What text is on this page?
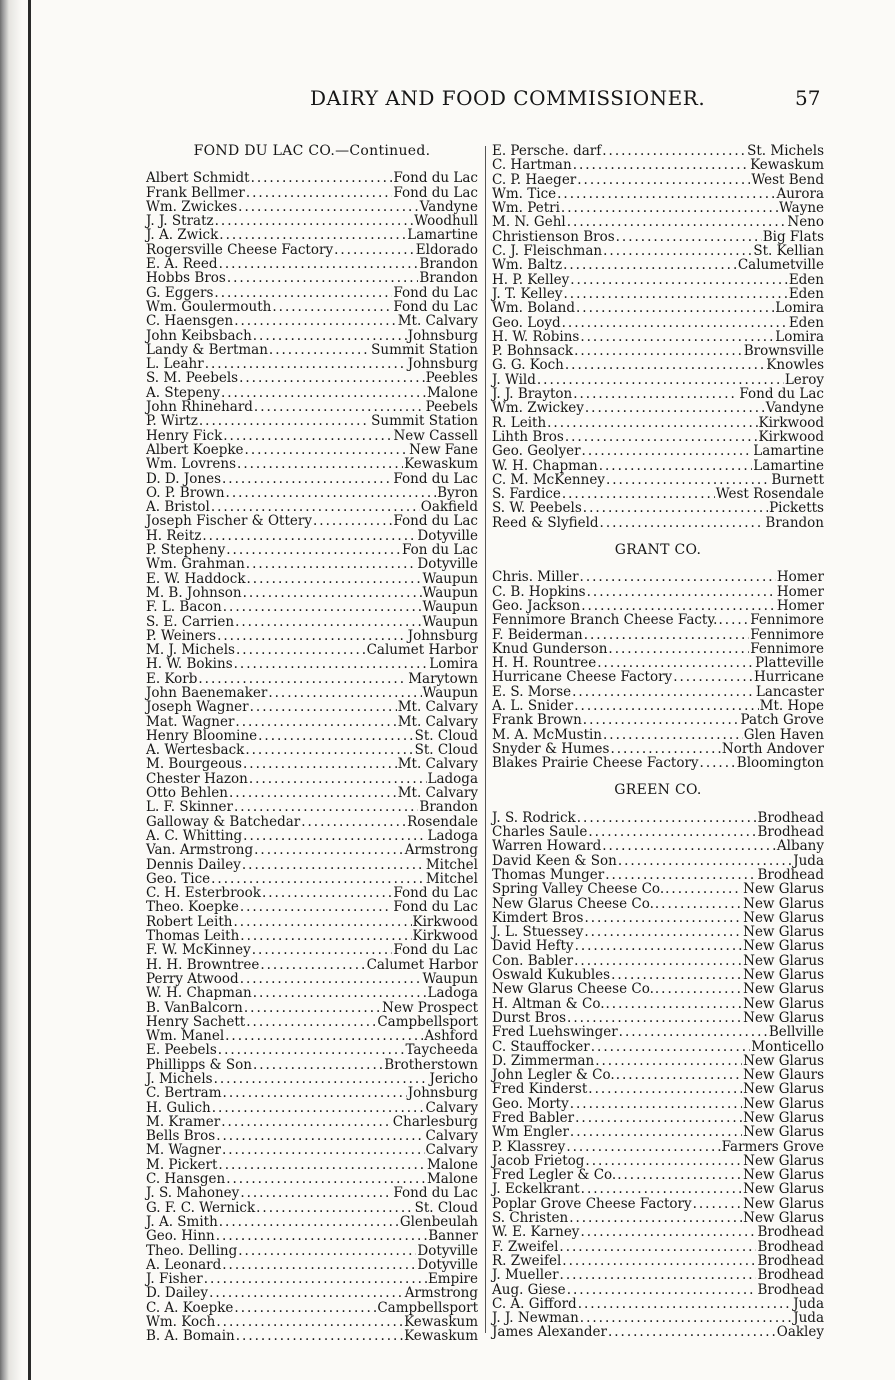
DAIRY AND FOOD COMMISSIONER.	57
FOND DU LAC CO.—Continued.
Albert Schmidt .....	Fond du Lac
Frank Bellmer .....	Fond du Lac
Wm. Zwickes .....	Vandyne
J. J. Stratz .....	Woodhull
J. A. Zwick .....	Lamartine
Rogersville Cheese Factory .....	Eldorado
E. A. Reed .....	Brandon
Hobbs Bros .....	Brandon
G. Eggers .....	Fond du Lac
Wm. Goulermouth .....	Fond du Lac
C. Haensgen .....	Mt. Calvary
John Keibsbach .....	Johnsburg
Landy & Bertman .....	Summit Station
L. Leahr .....	Johnsburg
S. M. Peebels .....	Peebles
A. Stepeny .....	Malone
John Rhinehard .....	Peebels
P. Wirtz .....	Summit Station
Henry Fick .....	New Cassell
Albert Koepke .....	New Fane
Wm. Lovrens .....	Kewaskum
D. D. Jones .....	Fond du Lac
O. P. Brown .....	Byron
A. Bristol .....	Oakfield
Joseph Fischer & Ottery .....	Fond du Lac
H. Reitz .....	Dotyville
P. Stepheny .....	Fon du Lac
Wm. Grahman .....	Dotyville
E. W. Haddock .....	Waupun
M. B. Johnson .....	Waupun
F. L. Bacon .....	Waupun
S. E. Carrien .....	Waupun
P. Weiners .....	Johnsburg
M. J. Michels .....	Calumet Harbor
H. W. Bokins .....	Lomira
E. Korb .....	Marytown
John Baenemaker .....	Waupun
Joseph Wagner .....	Mt. Calvary
Mat. Wagner .....	Mt. Calvary
Henry Bloomine .....	St. Cloud
A. Wertesback .....	St. Cloud
M. Bourgeous .....	Mt. Calvary
Chester Hazon .....	Ladoga
Otto Behlen .....	Mt. Calvary
L. F. Skinner .....	Brandon
Galloway & Batchedar .....	Rosendale
A. C. Whitting .....	Ladoga
Van. Armstrong .....	Armstrong
Dennis Dailey .....	Mitchel
Geo. Tice .....	Mitchel
C. H. Esterbrook .....	Fond du Lac
Theo. Koepke .....	Fond du Lac
Robert Leith .....	Kirkwood
Thomas Leith .....	Kirkwood
F. W. McKinney .....	Fond du Lac
H. H. Browntree .....	Calumet Harbor
Perry Atwood .....	Waupun
W. H. Chapman .....	Ladoga
B. VanBalcorn .....	New Prospect
Henry Sachett .....	Campbellsport
Wm. Manel .....	Ashford
E. Peebels .....	Taycheeda
Phillipps & Son .....	Brotherstown
J. Michels .....	Jericho
C. Bertram .....	Johnsburg
H. Gulich .....	Calvary
M. Kramer .....	Charlesburg
Bells Bros .....	Calvary
M. Wagner .....	Calvary
M. Pickert .....	Malone
C. Hansgen .....	Malone
J. S. Mahoney .....	Fond du Lac
G. F. C. Wernick .....	St. Cloud
J. A. Smith .....	Glenbeulah
Geo. Hinn .....	Banner
Theo. Delling .....	Dotyville
A. Leonard .....	Dotyville
J. Fisher .....	Empire
D. Dailey .....	Armstrong
C. A. Koepke .....	Campbellsport
Wm. Koch .....	Kewaskum
B. A. Bomain .....	Kewaskum
E. Persche. darf .....	St. Michels
C. Hartman .....	Kewaskum
C. P. Haeger .....	West Bend
Wm. Tice .....	Aurora
Wm. Petri .....	Wayne
M. N. Gehl .....	Neno
Christienson Bros .....	Big Flats
C. J. Fleischman .....	St. Kellian
Wm. Baltz .....	Calumetville
H. P. Kelley .....	Eden
J. T. Kelley .....	Eden
Wm. Boland .....	Lomira
Geo. Loyd .....	Eden
H. W. Robins .....	Lomira
P. Bohnsack .....	Brownsville
G. G. Koch .....	Knowles
J. Wild .....	Leroy
J. J. Brayton .....	Fond du Lac
Wm. Zwickey .....	Vandyne
R. Leith .....	Kirkwood
Lihth Bros .....	Kirkwood
Geo. Geolyer .....	Lamartine
W. H. Chapman .....	Lamartine
C. M. McKenney .....	Burnett
S. Fardice .....	West Rosendale
S. W. Peebels .....	Picketts
Reed & Slyfield .....	Brandon
GRANT CO.
Chris. Miller .....	Homer
C. B. Hopkins .....	Homer
Geo. Jackson .....	Homer
Fennimore Branch Cheese Facty. ..... Fennimore
F. Beiderman .....	Fennimore
Knud Gunderson .....	Fennimore
H. H. Rountree .....	Platteville
Hurricane Cheese Factory .....	Hurricane
E. S. Morse .....	Lancaster
A. L. Snider .....	Mt. Hope
Frank Brown .....	Patch Grove
M. A. McMustin .....	Glen Haven
Snyder & Humes .....	North Andover
Blakes Prairie Cheese Factory .....	Bloomington
GREEN CO.
J. S. Rodrick .....	Brodhead
Charles Saule .....	Brodhead
Warren Howard .....	Albany
David Keen & Son .....	Juda
Thomas Munger .....	Brodhead
Spring Valley Cheese Co. .....	New Glarus
New Glarus Cheese Co. .....	New Glarus
Kimdert Bros .....	New Glarus
J. L. Stuessey .....	New Glarus
David Hefty .....	New Glarus
Con. Babler .....	New Glarus
Oswald Kukubles .....	New Glarus
New Glarus Cheese Co. .....	New Glarus
H. Altman & Co. .....	New Glarus
Durst Bros .....	New Glarus
Fred Luehswinger .....	Bellville
C. Stauffocker .....	Monticello
D. Zimmerman .....	New Glarus
John Legler & Co. .....	New Glaurs
Fred Kinderst .....	New Glarus
Geo. Morty .....	New Glarus
Fred Babler .....	New Glarus
Wm Engler .....	New Glarus
P. Klassrey .....	Farmers Grove
Jacob Frietog .....	New Glarus
Fred Legler & Co. .....	New Glarus
J. Eckelkrant .....	New Glarus
Poplar Grove Cheese Factory .....	New Glarus
S. Christen .....	New Glarus
W. E. Karney .....	Brodhead
F. Zweifel .....	Brodhead
R. Zweifel .....	Brodhead
J. Mueller .....	Brodhead
Aug. Giese .....	Brodhead
C. A. Gifford .....	Juda
J. J. Newman .....	Juda
James Alexander .....	Oakley
